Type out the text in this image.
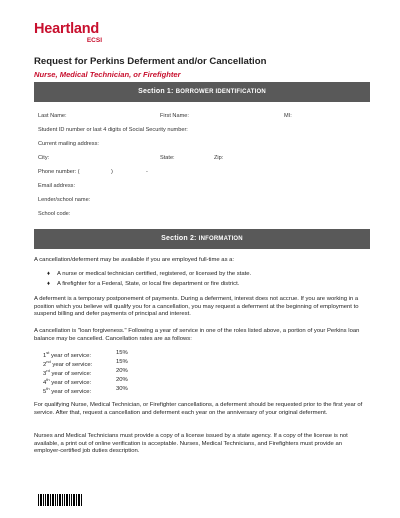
Heartland
ECSI
Request for Perkins Deferment and/or Cancellation
Nurse, Medical Technician, or Firefighter
Section 1: BORROWER IDENTIFICATION
Last Name:	First Name:	MI:
Student ID number or last 4 digits of Social Security number:
Current mailing address:
City:	State:	Zip:
Phone number: (	)	-
Email address:
Lender/school name:
School code:
Section 2: INFORMATION
A cancellation/deferment may be available if you are employed full-time as a:
♦ A nurse or medical technician certified, registered, or licensed by the state.
♦ A firefighter for a Federal, State, or local fire department or fire district.
A deferment is a temporary postponement of payments. During a deferment, interest does not accrue. If you are working in a position which you believe will qualify you for a cancellation, you may request a deferment at the beginning of employment to suspend billing and defer payments of principal and interest.
A cancellation is "loan forgiveness." Following a year of service in one of the roles listed above, a portion of your Perkins loan balance may be cancelled. Cancellation rates are as follows:
1st year of service:	15%
2nd year of service:	15%
3rd year of service:	20%
4th year of service:	20%
5th year of service:	30%
For qualifying Nurse, Medical Technician, or Firefighter cancellations, a deferment should be requested prior to the first year of service. After that, request a cancellation and deferment each year on the anniversary of your original deferment.
Nurses and Medical Technicians must provide a copy of a license issued by a state agency. If a copy of the license is not available, a print out of online verification is acceptable. Nurses, Medical Technicians, and Firefighters must provide an employer-certified job duties description.
